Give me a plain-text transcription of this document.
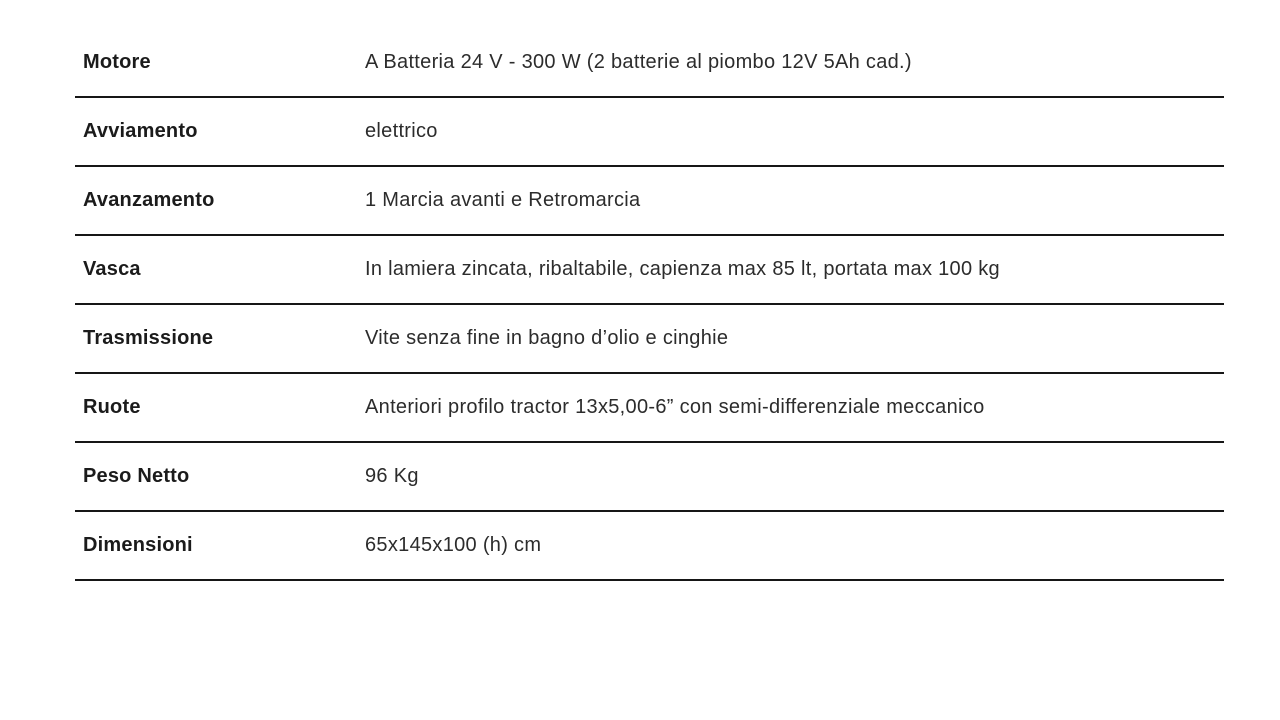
Motore	A Batteria 24 V - 300 W (2 batterie al piombo 12V 5Ah cad.)
Avviamento	elettrico
Avanzamento	1 Marcia avanti e Retromarcia
Vasca	In lamiera zincata, ribaltabile, capienza max 85 lt, portata max 100 kg
Trasmissione	Vite senza fine in bagno d’olio e cinghie
Ruote	Anteriori profilo tractor 13x5,00-6” con semi-differenziale meccanico
Peso Netto	96 Kg
Dimensioni	65x145x100 (h) cm
